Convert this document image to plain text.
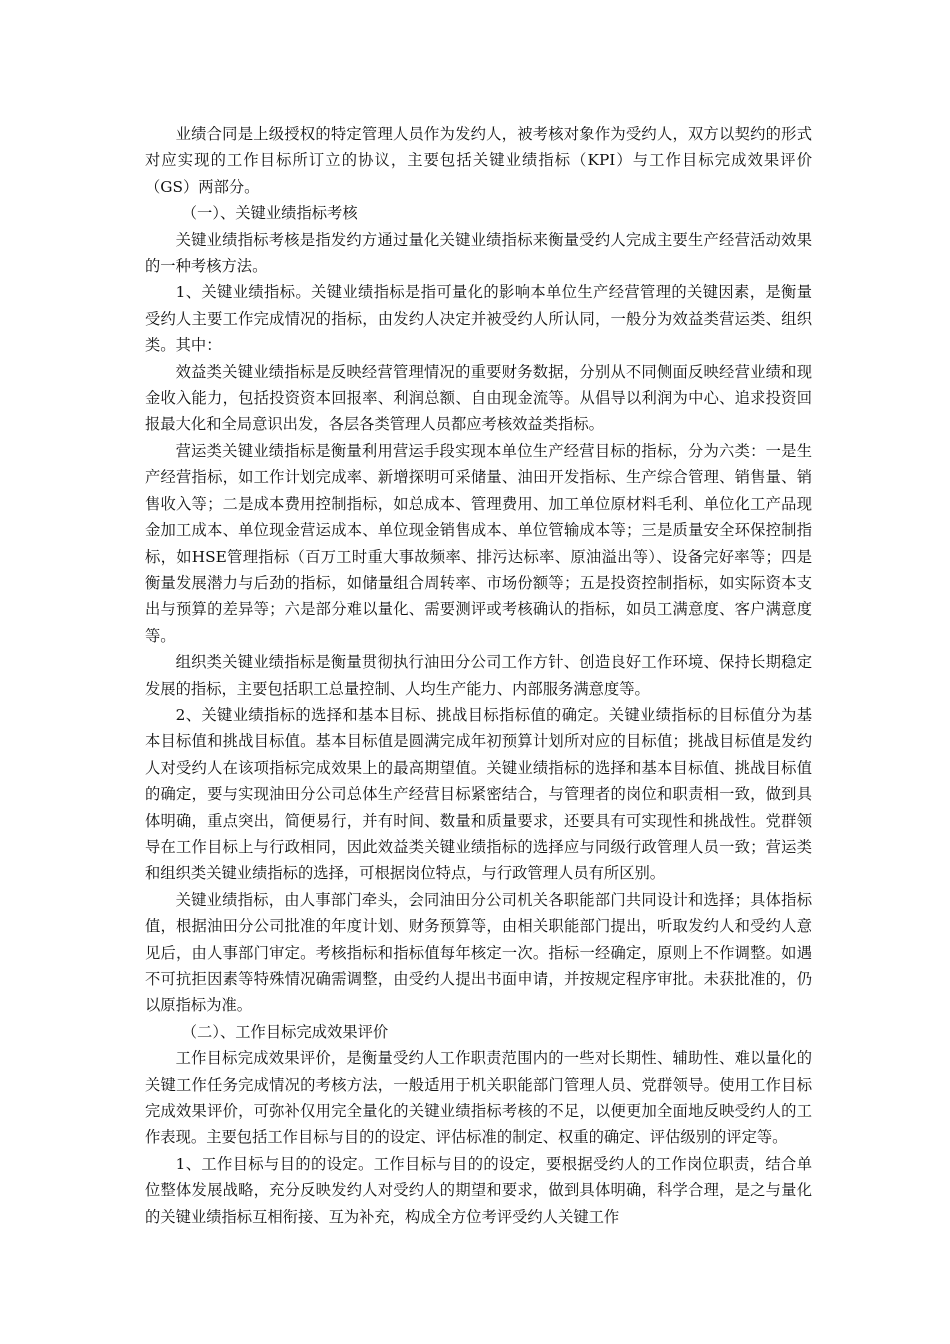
业绩合同是上级授权的特定管理人员作为发约人，被考核对象作为受约人，双方以契约的形式对应实现的工作目标所订立的协议，主要包括关键业绩指标（KPI）与工作目标完成效果评价（GS）两部分。

（一）、关键业绩指标考核

关键业绩指标考核是指发约方通过量化关键业绩指标来衡量受约人完成主要生产经营活动效果的一种考核方法。

1、关键业绩指标。关键业绩指标是指可量化的影响本单位生产经营管理的关键因素，是衡量受约人主要工作完成情况的指标，由发约人决定并被受约人所认同，一般分为效益类营运类、组织类。其中：

效益类关键业绩指标是反映经营管理情况的重要财务数据，分别从不同侧面反映经营业绩和现金收入能力，包括投资资本回报率、利润总额、自由现金流等。从倡导以利润为中心、追求投资回报最大化和全局意识出发，各层各类管理人员都应考核效益类指标。

营运类关键业绩指标是衡量利用营运手段实现本单位生产经营目标的指标，分为六类：一是生产经营指标，如工作计划完成率、新增探明可采储量、油田开发指标、生产综合管理、销售量、销售收入等；二是成本费用控制指标，如总成本、管理费用、加工单位原材料毛利、单位化工产品现金加工成本、单位现金营运成本、单位现金销售成本、单位管输成本等；三是质量安全环保控制指标，如HSE管理指标（百万工时重大事故频率、排污达标率、原油溢出等）、设备完好率等；四是衡量发展潜力与后劲的指标，如储量组合周转率、市场份额等；五是投资控制指标，如实际资本支出与预算的差异等；六是部分难以量化、需要测评或考核确认的指标，如员工满意度、客户满意度等。

组织类关键业绩指标是衡量贯彻执行油田分公司工作方针、创造良好工作环境、保持长期稳定发展的指标，主要包括职工总量控制、人均生产能力、内部服务满意度等。

2、关键业绩指标的选择和基本目标、挑战目标指标值的确定。关键业绩指标的目标值分为基本目标值和挑战目标值。基本目标值是圆满完成年初预算计划所对应的目标值；挑战目标值是发约人对受约人在该项指标完成效果上的最高期望值。关键业绩指标的选择和基本目标值、挑战目标值的确定，要与实现油田分公司总体生产经营目标紧密结合，与管理者的岗位和职责相一致，做到具体明确，重点突出，简便易行，并有时间、数量和质量要求，还要具有可实现性和挑战性。党群领导在工作目标上与行政相同，因此效益类关键业绩指标的选择应与同级行政管理人员一致；营运类和组织类关键业绩指标的选择，可根据岗位特点，与行政管理人员有所区别。

关键业绩指标，由人事部门牵头，会同油田分公司机关各职能部门共同设计和选择；具体指标值，根据油田分公司批准的年度计划、财务预算等，由相关职能部门提出，听取发约人和受约人意见后，由人事部门审定。考核指标和指标值每年核定一次。指标一经确定，原则上不作调整。如遇不可抗拒因素等特殊情况确需调整，由受约人提出书面申请，并按规定程序审批。未获批准的，仍以原指标为准。

（二）、工作目标完成效果评价

工作目标完成效果评价，是衡量受约人工作职责范围内的一些对长期性、辅助性、难以量化的关键工作任务完成情况的考核方法，一般适用于机关职能部门管理人员、党群领导。使用工作目标完成效果评价，可弥补仅用完全量化的关键业绩指标考核的不足，以便更加全面地反映受约人的工作表现。主要包括工作目标与目的的设定、评估标准的制定、权重的确定、评估级别的评定等。

1、工作目标与目的的设定。工作目标与目的的设定，要根据受约人的工作岗位职责，结合单位整体发展战略，充分反映发约人对受约人的期望和要求，做到具体明确，科学合理，是之与量化的关键业绩指标互相衔接、互为补充，构成全方位考评受约人关键工作
